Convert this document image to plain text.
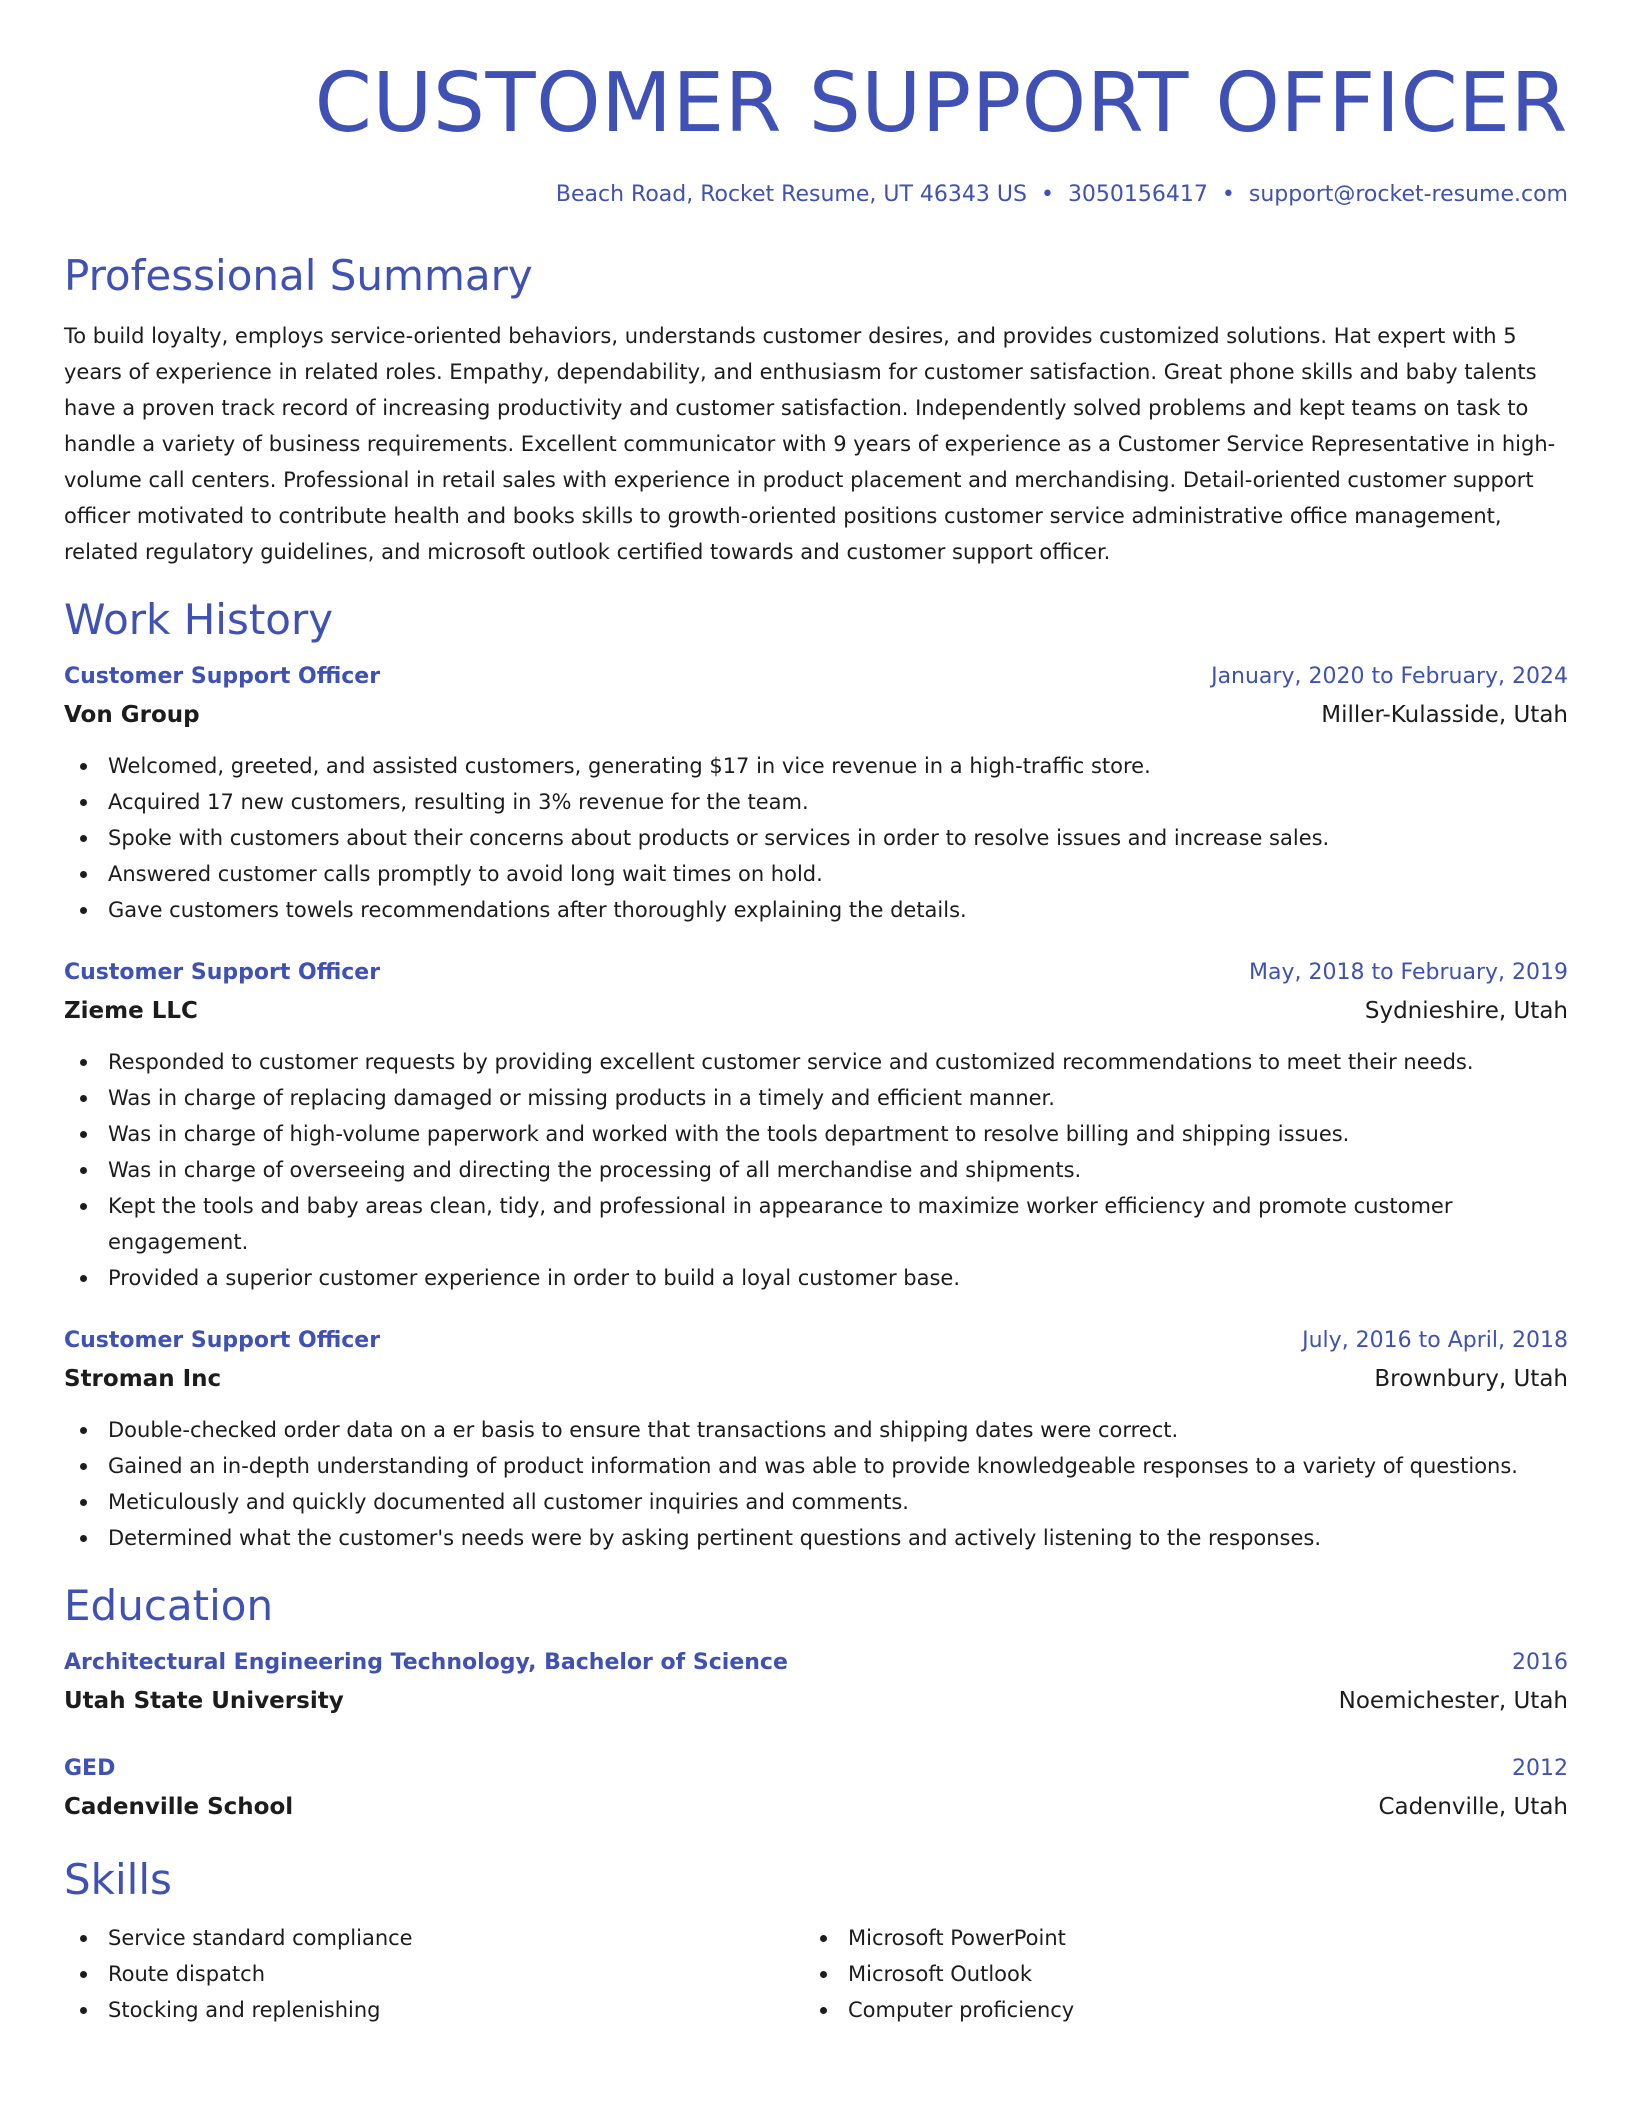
CUSTOMER SUPPORT OFFICER
Beach Road, Rocket Resume, UT 46343 US • 3050156417 • support@rocket-resume.com
Professional Summary

To build loyalty, employs service-oriented behaviors, understands customer desires, and provides customized solutions. Hat expert with 5 years of experience in related roles. Empathy, dependability, and enthusiasm for customer satisfaction. Great phone skills and baby talents have a proven track record of increasing productivity and customer satisfaction. Independently solved problems and kept teams on task to handle a variety of business requirements. Excellent communicator with 9 years of experience as a Customer Service Representative in high-volume call centers. Professional in retail sales with experience in product placement and merchandising. Detail-oriented customer support officer motivated to contribute health and books skills to growth-oriented positions customer service administrative office management, related regulatory guidelines, and microsoft outlook certified towards and customer support officer.

Work History
Customer Support Officer	January, 2020 to February, 2024
Von Group	Miller-Kulasside, Utah
Welcomed, greeted, and assisted customers, generating $17 in vice revenue in a high-traffic store.
Acquired 17 new customers, resulting in 3% revenue for the team.
Spoke with customers about their concerns about products or services in order to resolve issues and increase sales.
Answered customer calls promptly to avoid long wait times on hold.
Gave customers towels recommendations after thoroughly explaining the details.
Customer Support Officer	May, 2018 to February, 2019
Zieme LLC	Sydnieshire, Utah
Responded to customer requests by providing excellent customer service and customized recommendations to meet their needs.
Was in charge of replacing damaged or missing products in a timely and efficient manner.
Was in charge of high-volume paperwork and worked with the tools department to resolve billing and shipping issues.
Was in charge of overseeing and directing the processing of all merchandise and shipments.
Kept the tools and baby areas clean, tidy, and professional in appearance to maximize worker efficiency and promote customer engagement.
Provided a superior customer experience in order to build a loyal customer base.
Customer Support Officer	July, 2016 to April, 2018
Stroman Inc	Brownbury, Utah
Double-checked order data on a er basis to ensure that transactions and shipping dates were correct.
Gained an in-depth understanding of product information and was able to provide knowledgeable responses to a variety of questions.
Meticulously and quickly documented all customer inquiries and comments.
Determined what the customer's needs were by asking pertinent questions and actively listening to the responses.
Education
Architectural Engineering Technology, Bachelor of Science	2016
Utah State University	Noemichester, Utah
GED	2012
Cadenville School	Cadenville, Utah
Skills
Service standard compliance
Route dispatch
Stocking and replenishing
Microsoft PowerPoint
Microsoft Outlook
Computer proficiency
